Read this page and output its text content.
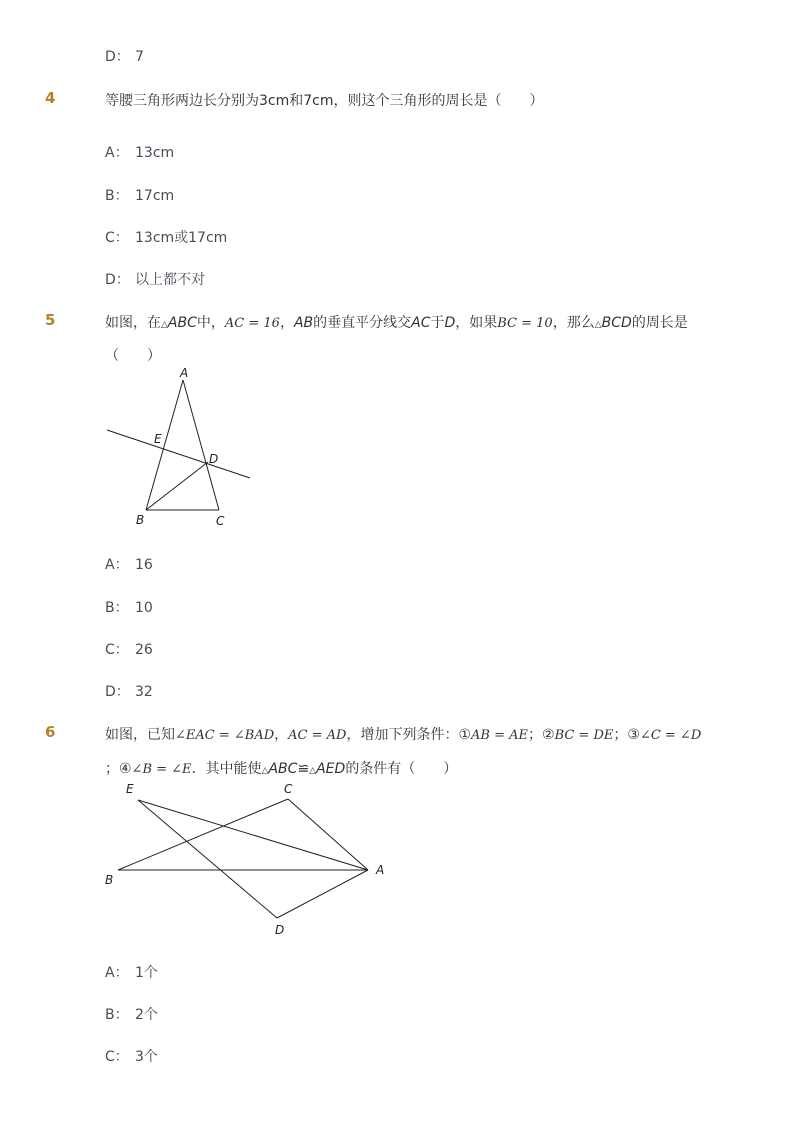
D： 7
4	等腰三角形两边长分别为3cm和7cm，则这个三角形的周长是（　　）
A： 13cm
B： 17cm
C： 13cm或17cm
D： 以上都不对
5	如图，在△ABC中，AC = 16，AB的垂直平分线交AC于D，如果BC = 10，那么△BCD的周长是
（　　）
A
E
D
B	C
A： 16
B： 10
C： 26
D： 32
6	如图，已知∠EAC = ∠BAD，AC = AD，增加下列条件：①AB = AE；②BC = DE；③∠C = ∠D
；④∠B = ∠E．其中能使△ABC≌△AED的条件有（　　）
E	C
B
A
D
A： 1个
B： 2个
C： 3个
